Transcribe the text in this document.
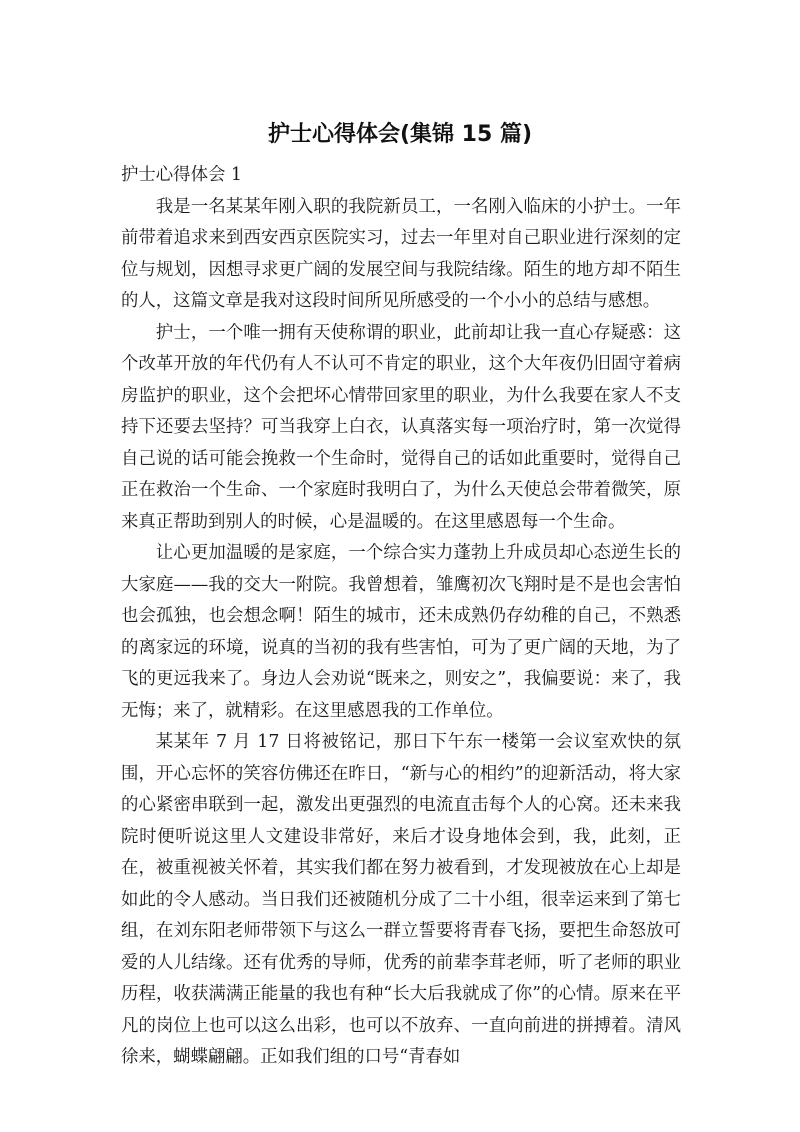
护士心得体会(集锦 15 篇)

护士心得体会 1

我是一名某某年刚入职的我院新员工，一名刚入临床的小护士。一年前带着追求来到西安西京医院实习，过去一年里对自己职业进行深刻的定位与规划，因想寻求更广阔的发展空间与我院结缘。陌生的地方却不陌生的人，这篇文章是我对这段时间所见所感受的一个小小的总结与感想。

护士，一个唯一拥有天使称谓的职业，此前却让我一直心存疑惑：这个改革开放的年代仍有人不认可不肯定的职业，这个大年夜仍旧固守着病房监护的职业，这个会把坏心情带回家里的职业，为什么我要在家人不支持下还要去坚持？可当我穿上白衣，认真落实每一项治疗时，第一次觉得自己说的话可能会挽救一个生命时，觉得自己的话如此重要时，觉得自己正在救治一个生命、一个家庭时我明白了，为什么天使总会带着微笑，原来真正帮助到别人的时候，心是温暖的。在这里感恩每一个生命。

让心更加温暖的是家庭，一个综合实力蓬勃上升成员却心态逆生长的大家庭——我的交大一附院。我曾想着，雏鹰初次飞翔时是不是也会害怕也会孤独，也会想念啊！陌生的城市，还未成熟仍存幼稚的自己，不熟悉的离家远的环境，说真的当初的我有些害怕，可为了更广阔的天地，为了飞的更远我来了。身边人会劝说“既来之，则安之”，我偏要说：来了，我无悔；来了，就精彩。在这里感恩我的工作单位。

某某年 7 月 17 日将被铭记，那日下午东一楼第一会议室欢快的氛围，开心忘怀的笑容仿佛还在昨日，“新与心的相约”的迎新活动，将大家的心紧密串联到一起，激发出更强烈的电流直击每个人的心窝。还未来我院时便听说这里人文建设非常好，来后才设身地体会到，我，此刻，正在，被重视被关怀着，其实我们都在努力被看到，才发现被放在心上却是如此的令人感动。当日我们还被随机分成了二十小组，很幸运来到了第七组，在刘东阳老师带领下与这么一群立誓要将青春飞扬，要把生命怒放可爱的人儿结缘。还有优秀的导师，优秀的前辈李茸老师，听了老师的职业历程，收获满满正能量的我也有种“长大后我就成了你”的心情。原来在平凡的岗位上也可以这么出彩，也可以不放弃、一直向前进的拼搏着。清风徐来，蝴蝶翩翩。正如我们组的口号“青春如
